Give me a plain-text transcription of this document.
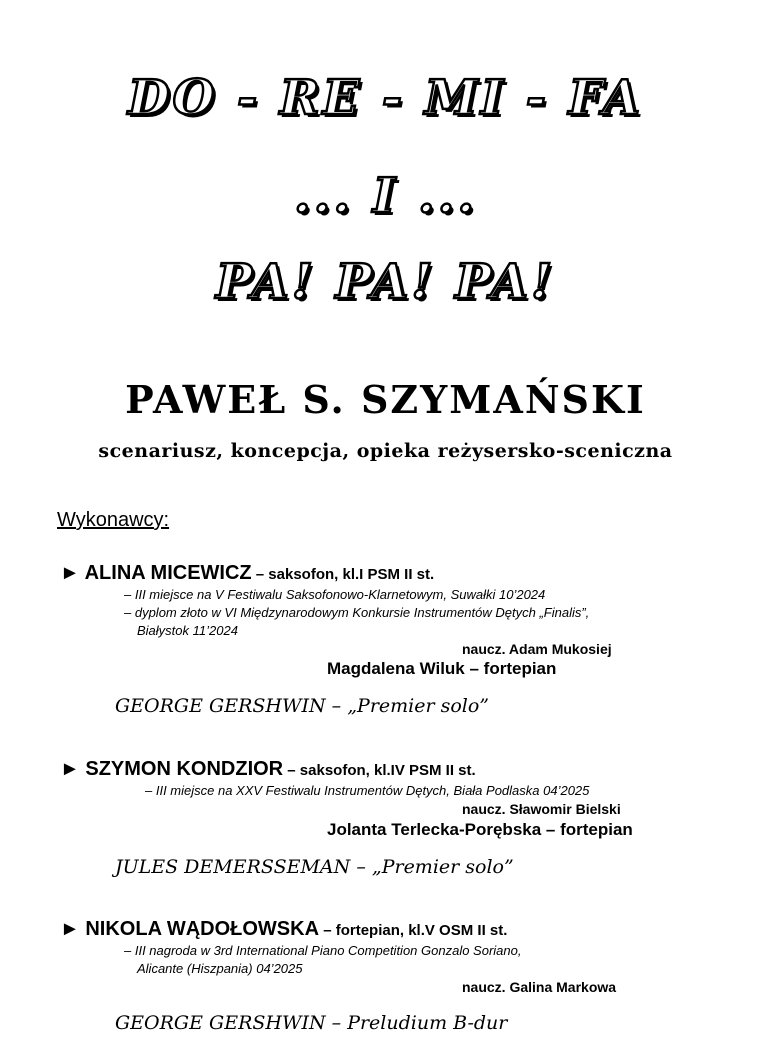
DO - RE - MI - FA
... I ...
PA! PA! PA!
PAWEŁ S. SZYMAŃSKI
scenariusz, koncepcja, opieka reżysersko-sceniczna
Wykonawcy:
► ALINA MICEWICZ – saksofon, kl.I PSM II st.
– III miejsce na V Festiwalu Saksofonowo-Klarnetowym, Suwałki 10’2024
– dyplom złoto w VI Międzynarodowym Konkursie Instrumentów Dętych „Finalis”,
Białystok 11’2024
naucz. Adam Mukosiej
Magdalena Wiluk – fortepian
GEORGE GERSHWIN – „Premier solo”
► SZYMON KONDZIOR – saksofon, kl.IV PSM II st.
– III miejsce na XXV Festiwalu Instrumentów Dętych, Biała Podlaska 04’2025
naucz. Sławomir Bielski
Jolanta Terlecka-Porębska – fortepian
JULES DEMERSSEMAN – „Premier solo”
► NIKOLA WĄDOŁOWSKA – fortepian, kl.V OSM II st.
– III nagroda w 3rd International Piano Competition Gonzalo Soriano,
Alicante (Hiszpania) 04’2025
naucz. Galina Markowa
GEORGE GERSHWIN – Preludium B-dur
